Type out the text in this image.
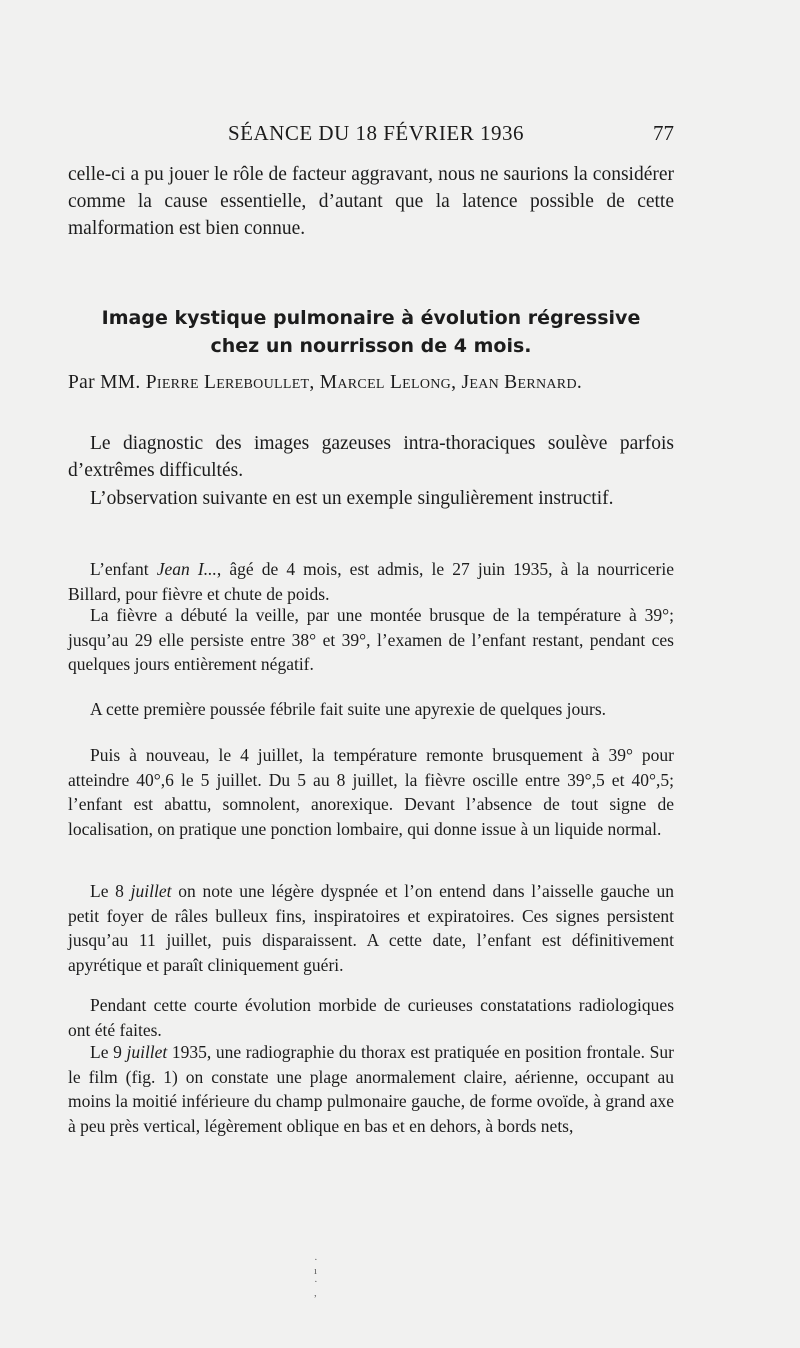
SÉANCE DU 18 FÉVRIER 1936	77
celle-ci a pu jouer le rôle de facteur aggravant, nous ne saurions la considérer comme la cause essentielle, d’autant que la latence possible de cette malformation est bien connue.
Image kystique pulmonaire à évolution régressive
chez un nourrisson de 4 mois.
Par MM. Pierre Lereboullet, Marcel Lelong, Jean Bernard.
Le diagnostic des images gazeuses intra-thoraciques soulève parfois d’extrêmes difficultés.
L’observation suivante en est un exemple singulièrement instructif.
L’enfant Jean I..., âgé de 4 mois, est admis, le 27 juin 1935, à la nourricerie Billard, pour fièvre et chute de poids.
La fièvre a débuté la veille, par une montée brusque de la température à 39°; jusqu’au 29 elle persiste entre 38° et 39°, l’examen de l’enfant restant, pendant ces quelques jours entièrement négatif.
A cette première poussée fébrile fait suite une apyrexie de quelques jours.
Puis à nouveau, le 4 juillet, la température remonte brusquement à 39° pour atteindre 40°,6 le 5 juillet. Du 5 au 8 juillet, la fièvre oscille entre 39°,5 et 40°,5; l’enfant est abattu, somnolent, anorexique. Devant l’absence de tout signe de localisation, on pratique une ponction lombaire, qui donne issue à un liquide normal.
Le 8 juillet on note une légère dyspnée et l’on entend dans l’aisselle gauche un petit foyer de râles bulleux fins, inspiratoires et expiratoires. Ces signes persistent jusqu’au 11 juillet, puis disparaissent. A cette date, l’enfant est définitivement apyrétique et paraît cliniquement guéri.
Pendant cette courte évolution morbide de curieuses constatations radiologiques ont été faites.
Le 9 juillet 1935, une radiographie du thorax est pratiquée en position frontale. Sur le film (fig. 1) on constate une plage anormalement claire, aérienne, occupant au moins la moitié inférieure du champ pulmonaire gauche, de forme ovoïde, à grand axe à peu près vertical, légèrement oblique en bas et en dehors, à bords nets,
·
ı
·
,
